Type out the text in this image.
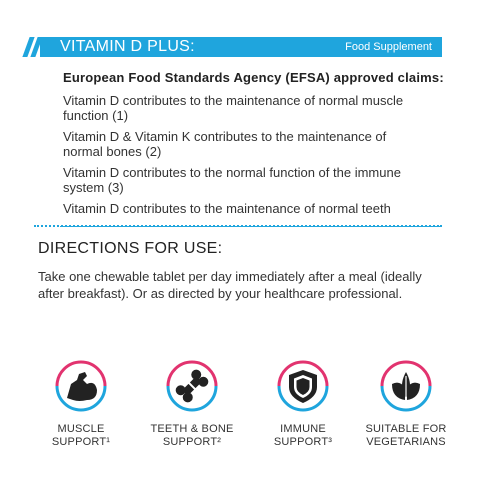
VITAMIN D PLUS:	Food Supplement
European Food Standards Agency (EFSA) approved claims:
Vitamin D contributes to the maintenance of normal muscle function (1)
Vitamin D & Vitamin K contributes to the maintenance of normal bones (2)
Vitamin D contributes to the normal function of the immune system (3)
Vitamin D contributes to the maintenance of normal teeth
DIRECTIONS FOR USE:
Take one chewable tablet per day immediately after a meal (ideally after breakfast). Or as directed by your healthcare professional.
MUSCLE
SUPPORT¹
TEETH & BONE
SUPPORT²
IMMUNE
SUPPORT³
SUITABLE FOR
VEGETARIANS
